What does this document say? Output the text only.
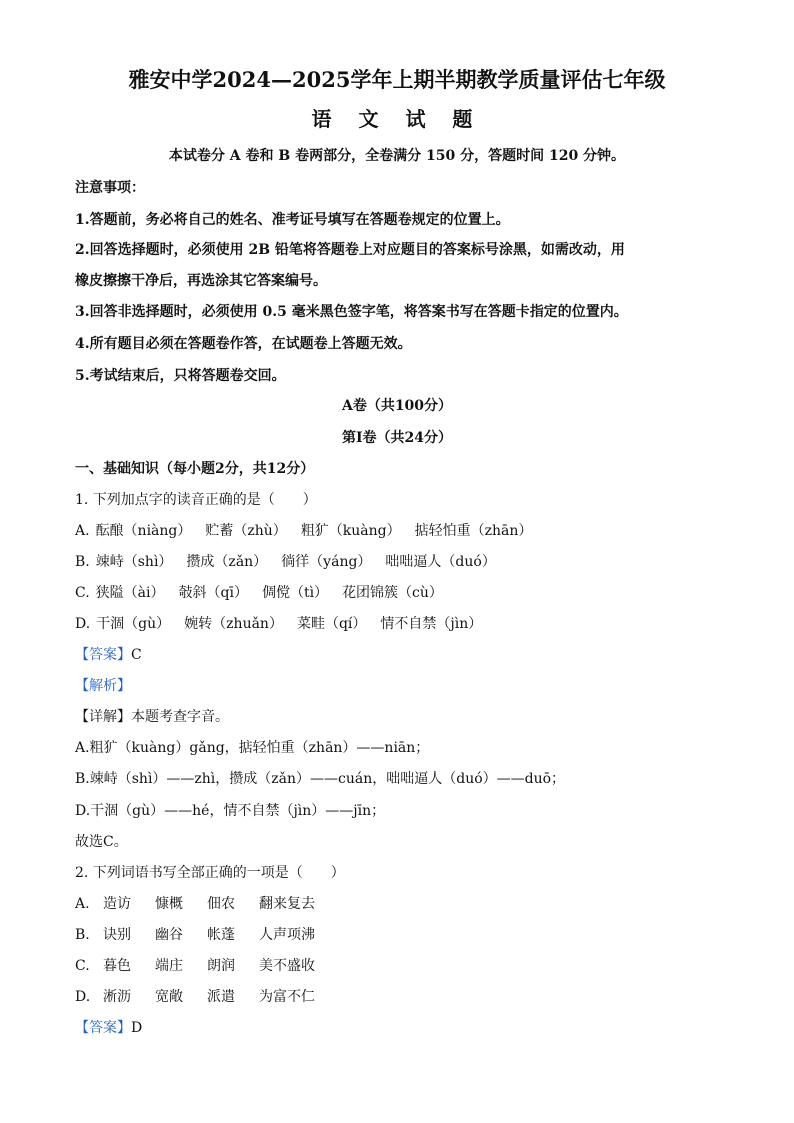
雅安中学2024—2025学年上期半期教学质量评估七年级
语 文 试 题
本试卷分 A 卷和 B 卷两部分，全卷满分 150 分，答题时间 120 分钟。
注意事项：
1.答题前，务必将自己的姓名、准考证号填写在答题卷规定的位置上。
2.回答选择题时，必须使用 2B 铅笔将答题卷上对应题目的答案标号涂黑，如需改动，用
橡皮擦擦干净后，再选涂其它答案编号。
3.回答非选择题时，必须使用 0.5 毫米黑色签字笔，将答案书写在答题卡指定的位置内。
4.所有题目必须在答题卷作答，在试题卷上答题无效。
5.考试结束后，只将答题卷交回。
A卷（共100分）
第Ⅰ卷（共24分）
一、基础知识（每小题2分，共12分）
1. 下列加点字的读音正确的是（　　）
A. 酝酿（niàng） 贮蓄（zhù） 粗犷（kuàng） 掂轻怕重（zhān）
B. 竦峙（shì） 攒成（zǎn） 徜徉（yáng） 咄咄逼人（duó）
C. 狭隘（ài） 攲斜（qī） 倜傥（tì） 花团锦簇（cù）
D. 干涸（gù） 婉转（zhuǎn） 菜畦（qí） 情不自禁（jìn）
【答案】C
【解析】
【详解】本题考查字音。
A.粗犷（kuàng）gǎng，掂轻怕重（zhān）——niān；
B.竦峙（shì）——zhì，攒成（zǎn）——cuán，咄咄逼人（duó）——duō；
D.干涸（gù）——hé，情不自禁（jìn）——jīn；
故选C。
2. 下列词语书写全部正确的一项是（　　）
A. 造访 慷概 佃农 翻来复去
B. 诀别 幽谷 帐蓬 人声项沸
C. 暮色 端庄 朗润 美不盛收
D. 淅沥 宽敞 派遣 为富不仁
【答案】D
